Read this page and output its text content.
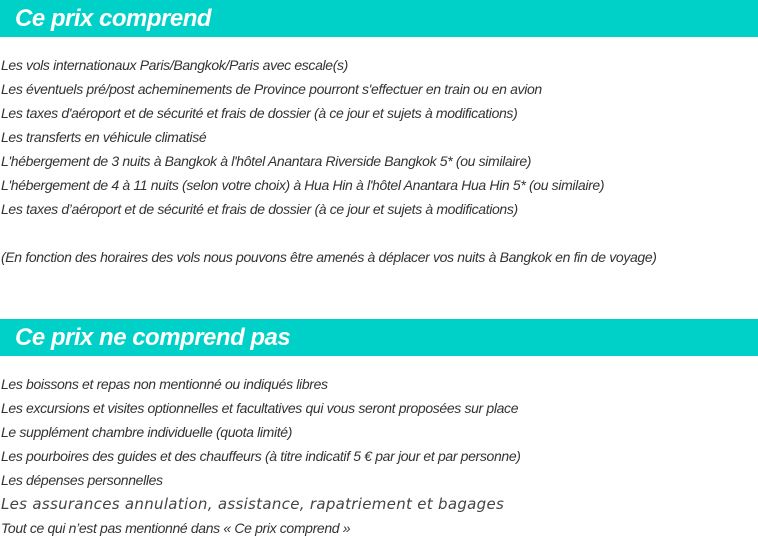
Ce prix comprend
Les vols internationaux Paris/Bangkok/Paris avec escale(s)
Les éventuels pré/post acheminements de Province pourront s'effectuer en train ou en avion
Les taxes d'aéroport et de sécurité et frais de dossier (à ce jour et sujets à modifications)
Les transferts en véhicule climatisé
L'hébergement de 3 nuits à Bangkok à l'hôtel Anantara Riverside Bangkok 5* (ou similaire)
L'hébergement de 4 à 11 nuits (selon votre choix) à Hua Hin à l'hôtel Anantara Hua Hin 5* (ou similaire)
Les taxes d’aéroport et de sécurité et frais de dossier (à ce jour et sujets à modifications)
(En fonction des horaires des vols nous pouvons être amenés à déplacer vos nuits à Bangkok en fin de voyage)
Ce prix ne comprend pas
Les boissons et repas non mentionné ou indiqués libres
Les excursions et visites optionnelles et facultatives qui vous seront proposées sur place
Le supplément chambre individuelle (quota limité)
Les pourboires des guides et des chauffeurs (à titre indicatif 5 € par jour et par personne)
Les dépenses personnelles
Les assurances annulation, assistance, rapatriement et bagages
Tout ce qui n’est pas mentionné dans « Ce prix comprend »
